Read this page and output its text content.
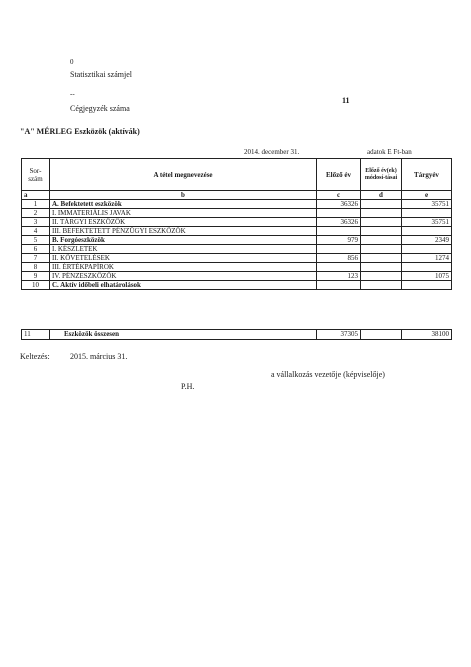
0
Statisztikai számjel
--
11
Cégjegyzék száma
"A" MÉRLEG Eszközök (aktívák)
2014. december 31.	adatok E Ft-ban
Sor-szám	A tétel megnevezése	Előző év	Előző év(ek) módosí-tásai	Tárgyév
a	b	c	d	e
1	A. Befektetett eszközök	36326		35751
2	I. IMMATERIÁLIS JAVAK			
3	II. TÁRGYI ESZKÖZÖK	36326		35751
4	III. BEFEKTETETT PÉNZÜGYI ESZKÖZÖK			
5	B. Forgóeszközök	979		2349
6	I. KÉSZLETEK			
7	II. KÖVETELÉSEK	856		1274
8	III. ÉRTÉKPAPÍROK			
9	IV. PÉNZESZKÖZÖK	123		1075
10	C. Aktív időbeli elhatárolások			
11	Eszközök összesen	37305		38100
Keltezés:	2015. március 31.
a vállalkozás vezetője (képviselője)
P.H.
